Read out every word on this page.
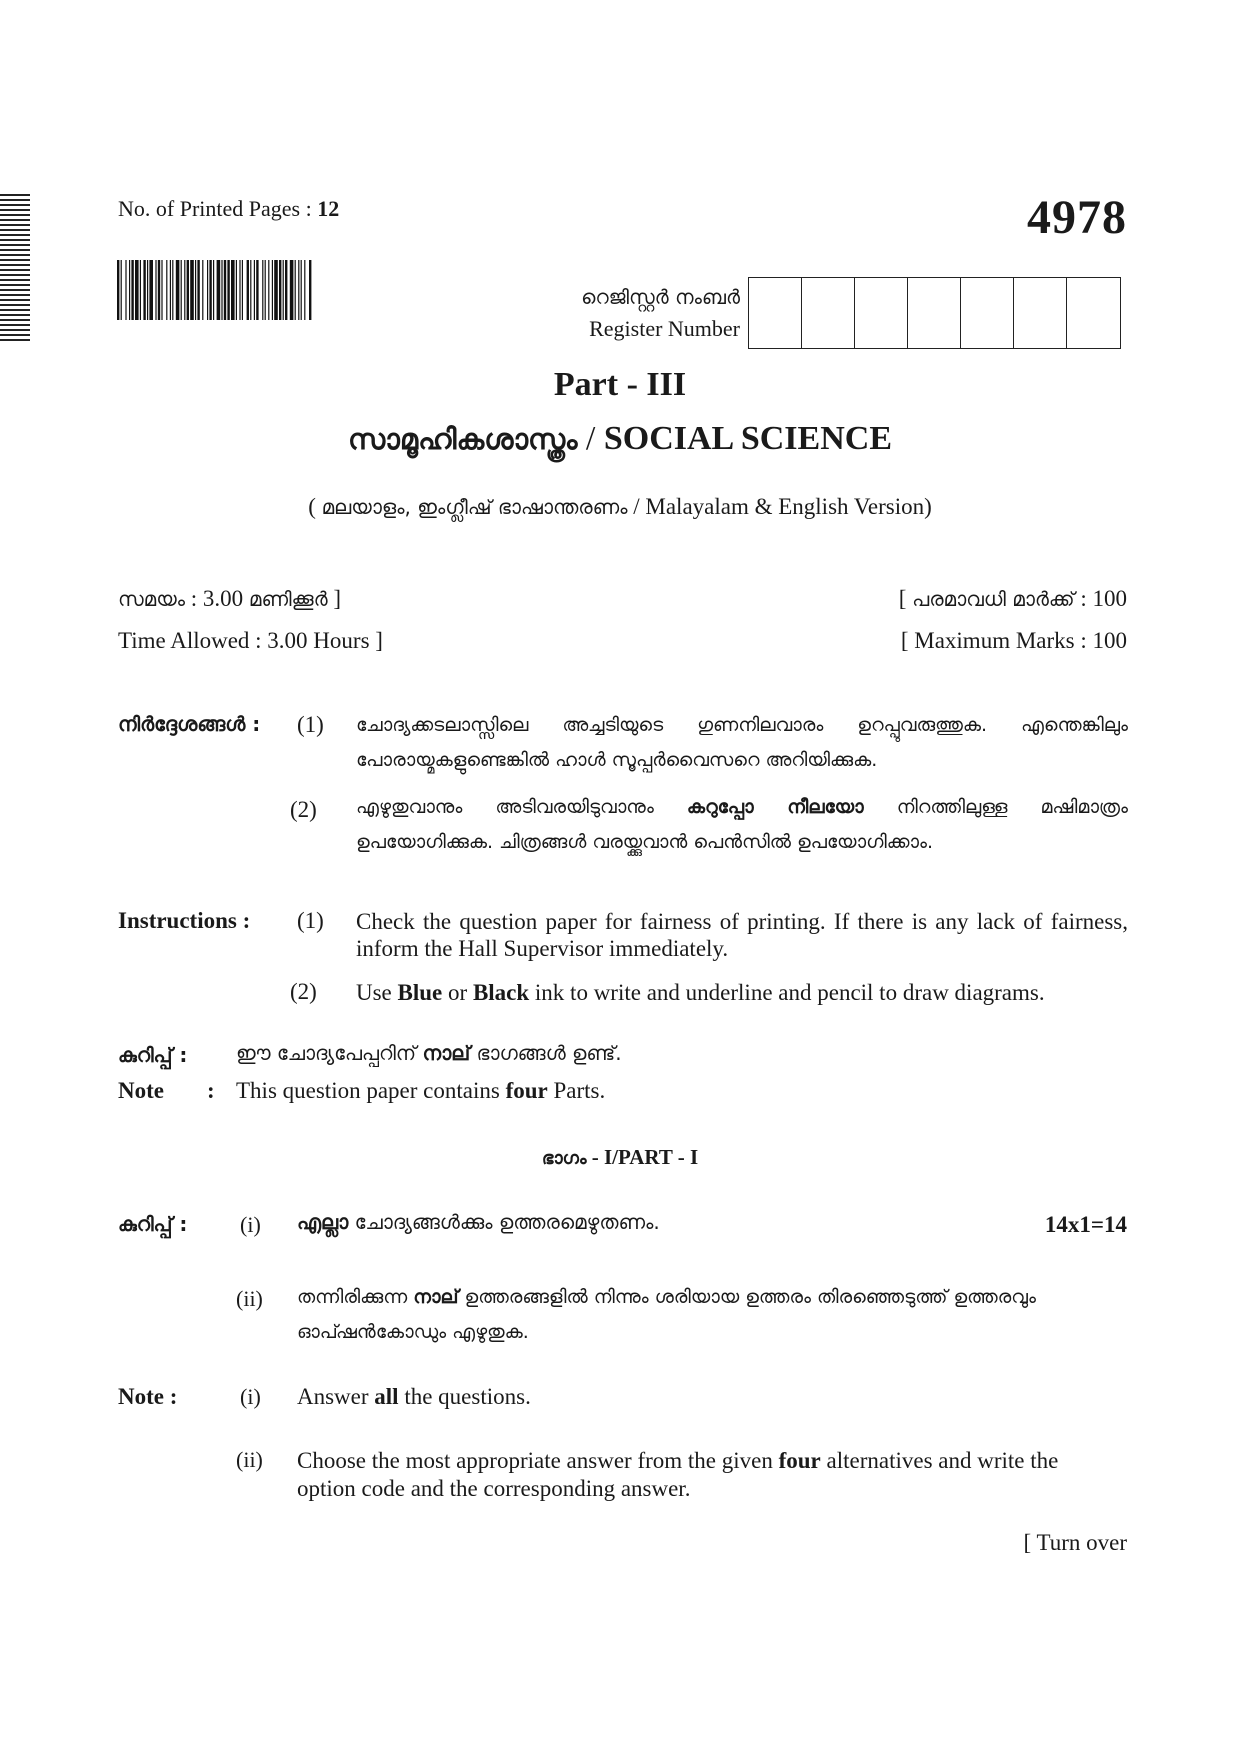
No. of Printed Pages : 12	4978
റെജിസ്റ്റർ നംബർ
Register Number
Part - III
സാമൂഹികശാസ്ത്രം / SOCIAL SCIENCE
( മലയാളം, ഇംഗ്ലീഷ് ഭാഷാന്തരണം / Malayalam & English Version)
സമയം : 3.00 മണിക്കൂർ ]
Time Allowed : 3.00 Hours ]
[ പരമാവധി മാർക്ക് : 100
[ Maximum Marks : 100
നിർദ്ദേശങ്ങൾ : (1) ചോദ്യക്കടലാസ്സിലെ അച്ചടിയുടെ ഗുണനിലവാരം ഉറപ്പുവരുത്തുക. എന്തെങ്കിലും പോരായ്മകളുണ്ടെങ്കിൽ ഹാൾ സൂപ്പർവൈസറെ അറിയിക്കുക.
(2) എഴുതുവാനും അടിവരയിടുവാനും കറുപ്പോ നീലയോ നിറത്തിലുള്ള മഷിമാത്രം ഉപയോഗിക്കുക. ചിത്രങ്ങൾ വരയ്ക്കുവാൻ പെൻസിൽ ഉപയോഗിക്കാം.
Instructions : (1) Check the question paper for fairness of printing. If there is any lack of fairness, inform the Hall Supervisor immediately.
(2) Use Blue or Black ink to write and underline and pencil to draw diagrams.
കുറിപ്പ് : ഈ ചോദ്യപേപ്പറിന് നാല് ഭാഗങ്ങൾ ഉണ്ട്.
Note : This question paper contains four Parts.
ഭാഗം - I/PART - I
കുറിപ്പ് : (i) എല്ലാ ചോദ്യങ്ങൾക്കും ഉത്തരമെഴുതണം.	14x1=14
(ii) തന്നിരിക്കുന്ന നാല് ഉത്തരങ്ങളിൽ നിന്നും ശരിയായ ഉത്തരം തിരഞ്ഞെടുത്ത് ഉത്തരവും ഓപ്ഷൻകോഡും എഴുതുക.
Note :	(i) Answer all the questions.
(ii) Choose the most appropriate answer from the given four alternatives and write the option code and the corresponding answer.
[ Turn over
